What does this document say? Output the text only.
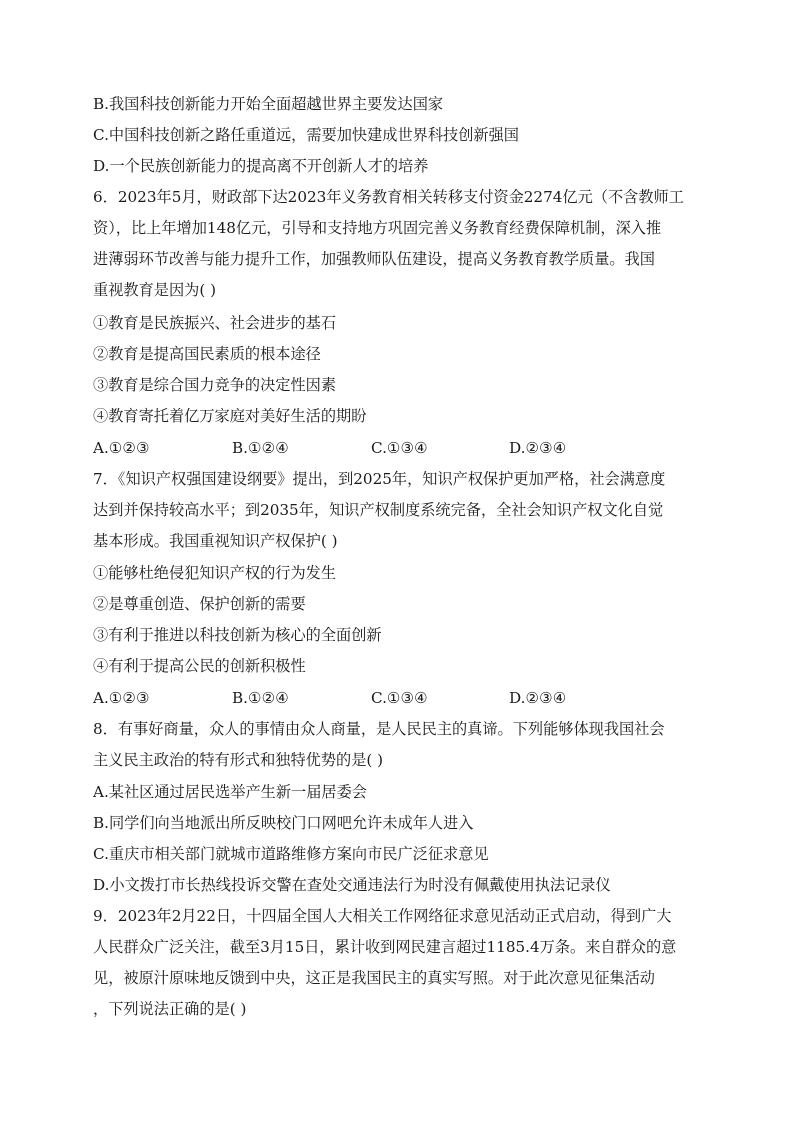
B.我国科技创新能力开始全面超越世界主要发达国家
C.中国科技创新之路任重道远，需要加快建成世界科技创新强国
D.一个民族创新能力的提高离不开创新人才的培养
6．2023年5月，财政部下达2023年义务教育相关转移支付资金2274亿元（不含教师工
资），比上年增加148亿元，引导和支持地方巩固完善义务教育经费保障机制，深入推
进薄弱环节改善与能力提升工作，加强教师队伍建设，提高义务教育教学质量。我国
重视教育是因为( )
①教育是民族振兴、社会进步的基石
②教育是提高国民素质的根本途径
③教育是综合国力竞争的决定性因素
④教育寄托着亿万家庭对美好生活的期盼
A.①②③	B.①②④	C.①③④	D.②③④
7．《知识产权强国建设纲要》提出，到2025年，知识产权保护更加严格，社会满意度
达到并保持较高水平；到2035年，知识产权制度系统完备，全社会知识产权文化自觉
基本形成。我国重视知识产权保护( )
①能够杜绝侵犯知识产权的行为发生
②是尊重创造、保护创新的需要
③有利于推进以科技创新为核心的全面创新
④有利于提高公民的创新积极性
A.①②③	B.①②④	C.①③④	D.②③④
8．有事好商量，众人的事情由众人商量，是人民民主的真谛。下列能够体现我国社会
主义民主政治的特有形式和独特优势的是( )
A.某社区通过居民选举产生新一届居委会
B.同学们向当地派出所反映校门口网吧允许未成年人进入
C.重庆市相关部门就城市道路维修方案向市民广泛征求意见
D.小文拨打市长热线投诉交警在查处交通违法行为时没有佩戴使用执法记录仪
9．2023年2月22日，十四届全国人大相关工作网络征求意见活动正式启动，得到广大
人民群众广泛关注，截至3月15日，累计收到网民建言超过1185.4万条。来自群众的意
见，被原汁原味地反馈到中央，这正是我国民主的真实写照。对于此次意见征集活动
，下列说法正确的是( )
